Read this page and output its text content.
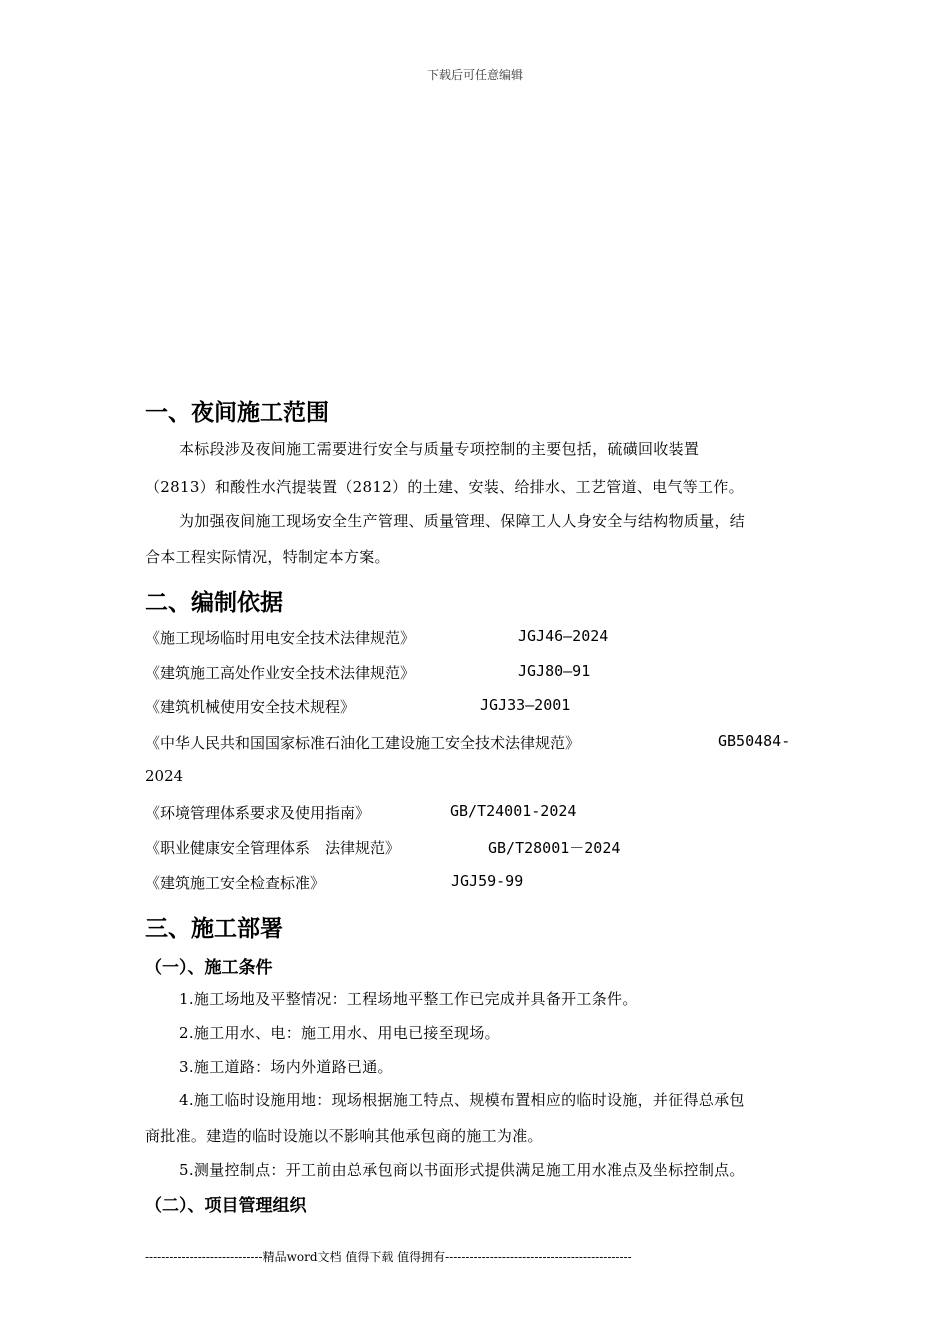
下载后可任意编辑
一、夜间施工范围
本标段涉及夜间施工需要进行安全与质量专项控制的主要包括，硫磺回收装置
（2813）和酸性水汽提装置（2812）的土建、安装、给排水、工艺管道、电气等工作。
为加强夜间施工现场安全生产管理、质量管理、保障工人人身安全与结构物质量，结
合本工程实际情况，特制定本方案。
二、编制依据
《施工现场临时用电安全技术法律规范》	JGJ46—2024
《建筑施工高处作业安全技术法律规范》	JGJ80—91
《建筑机械使用安全技术规程》	JGJ33—2001
《中华人民共和国国家标准石油化工建设施工安全技术法律规范》	GB50484-
2024
《环境管理体系要求及使用指南》	GB/T24001-2024
《职业健康安全管理体系　法律规范》	GB/T28001－2024
《建筑施工安全检查标准》	JGJ59-99
三、施工部署
（一）、施工条件
1.施工场地及平整情况：工程场地平整工作已完成并具备开工条件。
2.施工用水、电：施工用水、用电已接至现场。
3.施工道路：场内外道路已通。
4.施工临时设施用地：现场根据施工特点、规模布置相应的临时设施，并征得总承包
商批准。建造的临时设施以不影响其他承包商的施工为准。
5.测量控制点：开工前由总承包商以书面形式提供满足施工用水准点及坐标控制点。
（二）、项目管理组织
-----------------------------精品word文档 值得下载 值得拥有----------------------------------------------
